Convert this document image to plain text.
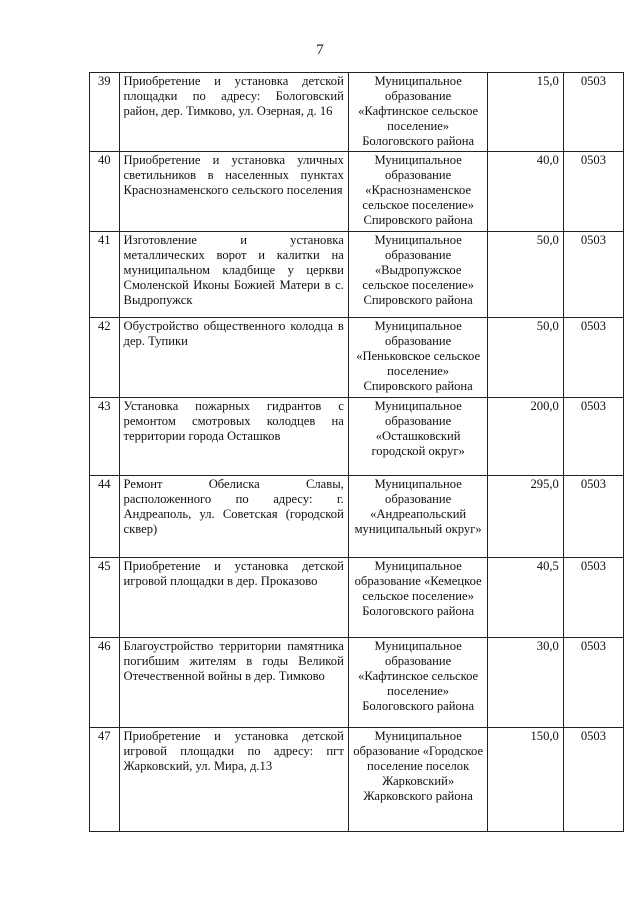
7
39	Приобретение и установка детской площадки по адресу: Бологовский район, дер. Тимково, ул. Озерная, д. 16	Муниципальное образование «Кафтинское сельское поселение» Бологовского района	15,0	0503
40	Приобретение и установка уличных светильников в населенных пунктах Краснознаменского сельского поселения	Муниципальное образование «Краснознаменское сельское поселение» Спировского района	40,0	0503
41	Изготовление и установка металлических ворот и калитки на муниципальном кладбище у церкви Смоленской Иконы Божией Матери в с. Выдропужск	Муниципальное образование «Выдропужское сельское поселение» Спировского района	50,0	0503
42	Обустройство общественного колодца в дер. Тупики	Муниципальное образование «Пеньковское сельское поселение» Спировского района	50,0	0503
43	Установка пожарных гидрантов с ремонтом смотровых колодцев на территории города Осташков	Муниципальное образование «Осташковский городской округ»	200,0	0503
44	Ремонт Обелиска Славы, расположенного по адресу: г. Андреаполь, ул. Советская (городской сквер)	Муниципальное образование «Андреапольский муниципальный округ»	295,0	0503
45	Приобретение и установка детской игровой площадки в дер. Проказово	Муниципальное образование «Кемецкое сельское поселение» Бологовского района	40,5	0503
46	Благоустройство территории памятника погибшим жителям в годы Великой Отечественной войны в дер. Тимково	Муниципальное образование «Кафтинское сельское поселение» Бологовского района	30,0	0503
47	Приобретение и установка детской игровой площадки по адресу: пгт Жарковский, ул. Мира, д.13	Муниципальное образование «Городское поселение поселок Жарковский» Жарковского района	150,0	0503
